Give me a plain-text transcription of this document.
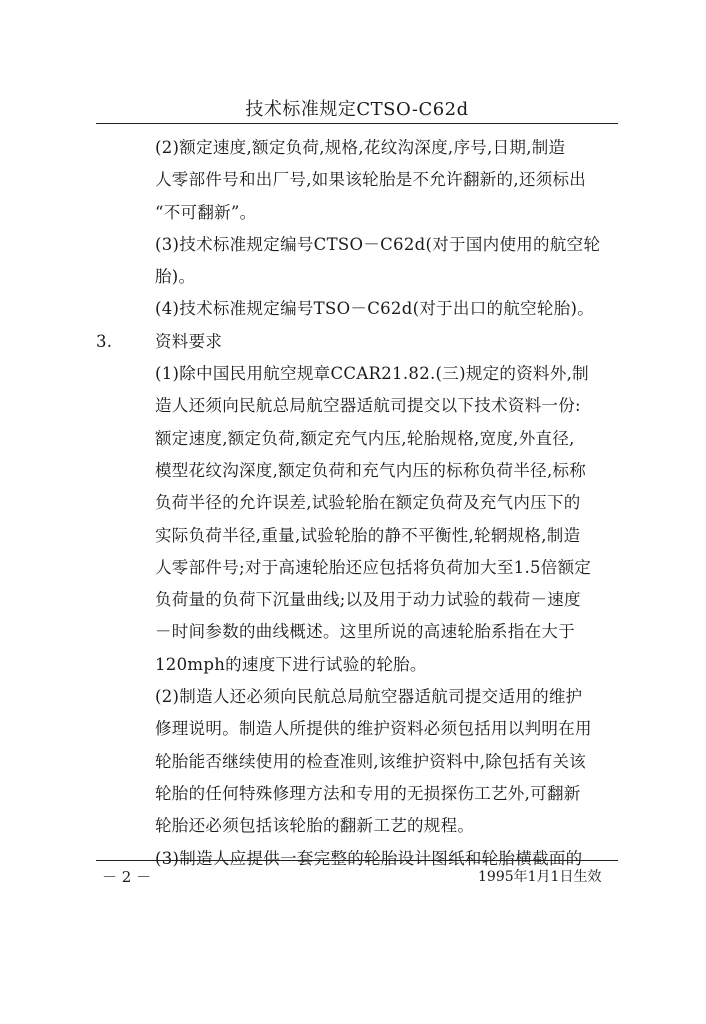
技术标准规定CTSO-C62d

(2)额定速度,额定负荷,规格,花纹沟深度,序号,日期,制造
人零部件号和出厂号,如果该轮胎是不允许翻新的,还须标出
“不可翻新”。

(3)技术标准规定编号CTSO－C62d(对于国内使用的航空轮
胎)。

(4)技术标准规定编号TSO－C62d(对于出口的航空轮胎)。

3.	资料要求

(1)除中国民用航空规章CCAR21.82.(三)规定的资料外,制
造人还须向民航总局航空器适航司提交以下技术资料一份:
额定速度,额定负荷,额定充气内压,轮胎规格,宽度,外直径,
模型花纹沟深度,额定负荷和充气内压的标称负荷半径,标称
负荷半径的允许误差,试验轮胎在额定负荷及充气内压下的
实际负荷半径,重量,试验轮胎的静不平衡性,轮辋规格,制造
人零部件号;对于高速轮胎还应包括将负荷加大至1.5倍额定
负荷量的负荷下沉量曲线;以及用于动力试验的载荷－速度
－时间参数的曲线概述。这里所说的高速轮胎系指在大于
120mph的速度下进行试验的轮胎。

(2)制造人还必须向民航总局航空器适航司提交适用的维护
修理说明。制造人所提供的维护资料必须包括用以判明在用
轮胎能否继续使用的检查准则,该维护资料中,除包括有关该
轮胎的任何特殊修理方法和专用的无损探伤工艺外,可翻新
轮胎还必须包括该轮胎的翻新工艺的规程。

(3)制造人应提供一套完整的轮胎设计图纸和轮胎横截面的

－ 2 －	1995年1月1日生效
